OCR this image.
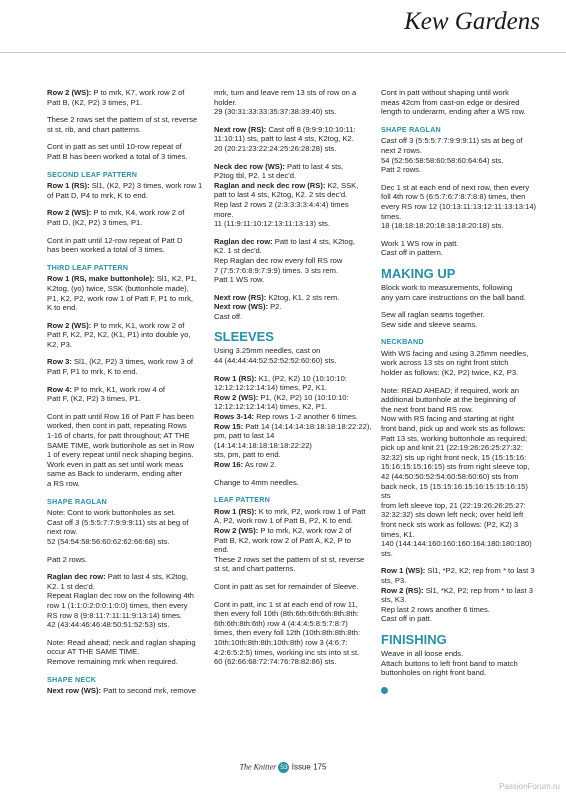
Kew Gardens

Row 2 (WS): P to mrk, K7, work row 2 of
Patt B, (K2, P2) 3 times, P1.

These 2 rows set the pattern of st st, reverse
st st, rib, and chart patterns.

Cont in patt as set until 10-row repeat of
Patt B has been worked a total of 3 times.

SECOND LEAF PATTERN

Row 1 (RS): Sl1, (K2, P2) 3 times, work row 1
of Patt D, P4 to mrk, K to end.

Row 2 (WS): P to mrk, K4, work row 2 of
Patt D, (K2, P2) 3 times, P1.

Cont in patt until 12-row repeat of Patt D
has been worked a total of 3 times.

THIRD LEAF PATTERN

Row 1 (RS, make buttonhole): Sl1, K2, P1,
K2tog, (yo) twice, SSK (buttonhole made),
P1, K2, P2, work row 1 of Patt F, P1 to mrk,
K to end.

Row 2 (WS): P to mrk, K1, work row 2 of
Patt F, K2, P2, K2, (K1, P1) into double yo,
K2, P3.

Row 3: Sl1, (K2, P2) 3 times, work row 3 of
Patt F, P1 to mrk, K to end.

Row 4: P to mrk, K1, work row 4 of
Patt F, (K2, P2) 3 times, P1.

Cont in patt until Row 16 of Patt F has been
worked, then cont in patt, repeating Rows
1-16 of charts, for patt throughout; AT THE
SAME TIME, work buttonhole as set in Row
1 of every repeat until neck shaping begins.
Work even in patt as set until work meas
same as Back to underarm, ending after
a RS row.

SHAPE RAGLAN

Note: Cont to work buttonholes as set.
Cast off 3 (5:5:5:7:7:9:9:9:11) sts at beg of
next row.
52 (54:54:58:56:60:62:62:66:68) sts.

Patt 2 rows.

Raglan dec row: Patt to last 4 sts, K2tog,
K2. 1 st dec'd.
Repeat Raglan dec row on the following 4th
row 1 (1:1:0:2:0:0:1:0:0) times, then every
RS row 8 (9:8:11:7:11:11:9:13:14) times.
42 (43:44:46:46:48:50:51:52:53) sts.

Note: Read ahead; neck and raglan shaping
occur AT THE SAME TIME.
Remove remaining mrk when required.

SHAPE NECK

Next row (WS): Patt to second mrk, remove

mrk, turn and leave rem 13 sts of row on a
holder.
29 (30:31:33:33:35:37:38:39:40) sts.

Next row (RS): Cast off 8 (9:9:9:10:10:11:
11:10:11) sts, patt to last 4 sts, K2tog, K2.
20 (20:21:23:22:24:25:26:28:28) sts.

Neck dec row (WS): Patt to last 4 sts,
P2tog tbl, P2. 1 st dec'd.
Raglan and neck dec row (RS): K2, SSK,
patt to last 4 sts, K2tog, K2. 2 sts dec'd.
Rep last 2 rows 2 (2:3:3:3:3:4:4:4) times
more.
11 (11:9:11:10:12:13:11:13:13) sts.

Raglan dec row: Patt to last 4 sts, K2tog,
K2. 1 st dec'd.
Rep Raglan dec row every foll RS row
7 (7:5:7:6:8:9:7:9:9) times. 3 sts rem.
Patt 1 WS row.

Next row (RS): K2tog, K1. 2 sts rem.
Next row (WS): P2.
Cast off.

SLEEVES

Using 3.25mm needles, cast on
44 (44:44:44:52:52:52:52:60:60) sts.

Row 1 (RS): K1, (P2, K2) 10 (10:10:10:
12:12:12:12:14:14) times, P2, K1.
Row 2 (WS): P1, (K2, P2) 10 (10:10:10:
12:12:12:12:14:14) times, K2, P1.
Rows 3-14: Rep rows 1-2 another 6 times.
Row 15: Patt 14 (14:14:14:18:18:18:18:22:22),
pm, patt to last 14 (14:14:14:18:18:18:18:22:22)
sts, pm, patt to end.
Row 16: As row 2.

Change to 4mm needles.

LEAF PATTERN

Row 1 (RS): K to mrk, P2, work row 1 of Patt
A, P2, work row 1 of Patt B, P2, K to end.
Row 2 (WS): P to mrk, K2, work row 2 of
Patt B, K2, work row 2 of Patt A, K2, P to
end.
These 2 rows set the pattern of st st, reverse
st st, and chart patterns.

Cont in patt as set for remainder of Sleeve.

Cont in patt, inc 1 st at each end of row 11,
then every foll 10th (8th:6th:6th:6th:8th:8th:
6th:6th:8th:6th) row 4 (4:4:4:5:8:5:7:8:7)
times, then every foll 12th (10th:8th:8th:8th:
10th:10th:8th:8th:10th:8th) row 3 (4:6:7:
4:2:6:5:2:5) times, working inc sts into st st.
60 (62:66:68:72:74:76:78:82:86) sts.

Cont in patt without shaping until work
meas 42cm from cast-on edge or desired
length to underarm, ending after a WS row.

SHAPE RAGLAN

Cast off 3 (5:5:5:7:7:9:9:9:11) sts at beg of
next 2 rows.
54 (52:56:58:58:60:58:60:64:64) sts.
Patt 2 rows.

Dec 1 st at each end of next row, then every
foll 4th row 5 (6:5:7:6:7:8:7:8:8) times, then
every RS row 12 (10:13:11:13:12:11:13:13:14)
times.
18 (18:18:18:20:18:18:18:20:18) sts.

Work 1 WS row in patt.
Cast off in pattern.

MAKING UP

Block work to measurements, following
any yarn care instructions on the ball band.

Sew all raglan seams together.
Sew side and sleeve seams.

NECKBAND

With WS facing and using 3.25mm needles,
work across 13 sts on right front stitch
holder as follows: (K2, P2) twice, K2, P3.

Note: READ AHEAD; if required, work an
additional buttonhole at the beginning of
the next front band RS row.
Now with RS facing and starting at right
front band, pick up and work sts as follows:
Patt 13 sts, working buttonhole as required;
pick up and knit 21 (22:19:26:26:25:27:32:
32:32) sts up right front neck, 15 (15:15:16:
15:16:15:15:16:15) sts from right sleeve top,
42 (44:50:50:52:54:60:58:60:60) sts from
back neck, 15 (15:15:16:15:16:15:15:16:15) sts
from left sleeve top, 21 (22:19:26:26:25:27:
32:32:32) sts down left neck; over held left
front neck sts work as follows: (P2, K2) 3
times, K1.
140 (144:144:160:160:160:164:180:180:180)
sts.

Row 1 (WS): Sl1, *P2, K2; rep from * to last 3
sts, P3.
Row 2 (RS): Sl1, *K2, P2; rep from * to last 3
sts, K3.
Rep last 2 rows another 6 times.
Cast off in patt.

FINISHING

Weave in all loose ends.
Attach buttons to left front band to match
buttonholes on right front band.

The Knitter 53 Issue 175
PassionForum.ru
